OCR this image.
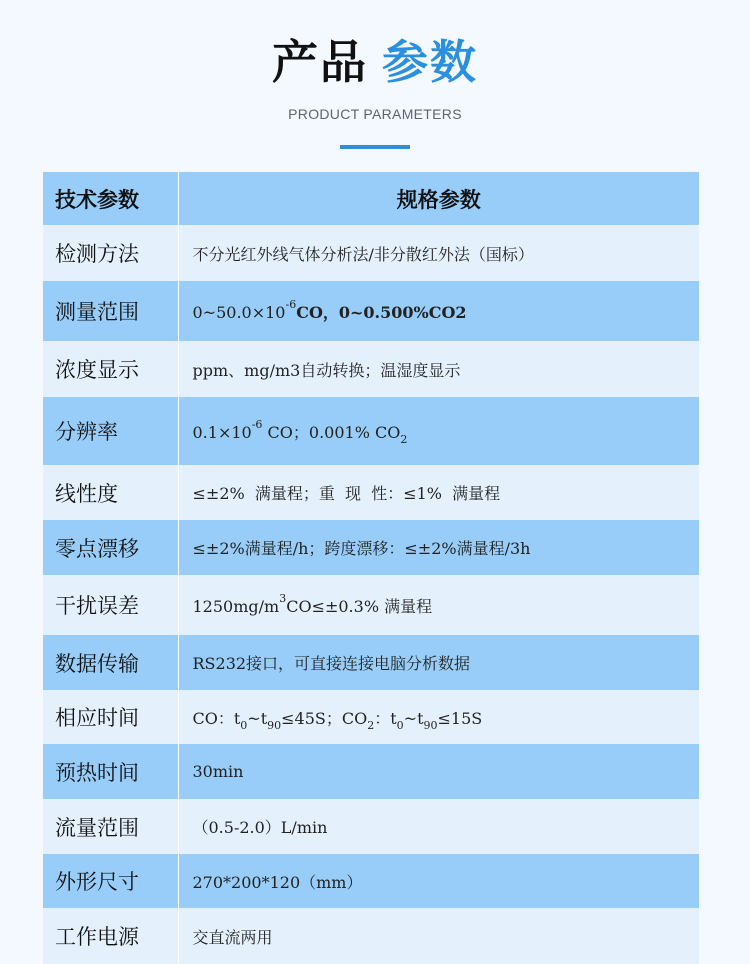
产品 参数
PRODUCT PARAMETERS
技术参数	规格参数
检测方法	不分光红外线气体分析法/非分散红外法（国标）
测量范围	$0\sim 50.0\times 10^{-6}CO$，0~0.500%CO2
浓度显示	ppm、mg/m3自动转换；温湿度显示
分辨率	$0.1\times 10^{-6}$ CO；0.001% $CO_2$
线性度	≤±2%  满量程；重  现  性：≤1%  满量程
零点漂移	≤±2%满量程/h；跨度漂移：≤±2%满量程/3h
干扰误差	$1250mg/m^3CO\le\pm 0.3\%$ 满量程
数据传输	RS232接口，可直接连接电脑分析数据
相应时间	CO：$t_0\sim t_{90}\le 45S$；$CO_2$：$t_0\sim t_{90}\le 15S$
预热时间	30min
流量范围	（0.5-2.0）L/min
外形尺寸	270*200*120（mm）
工作电源	交直流两用
